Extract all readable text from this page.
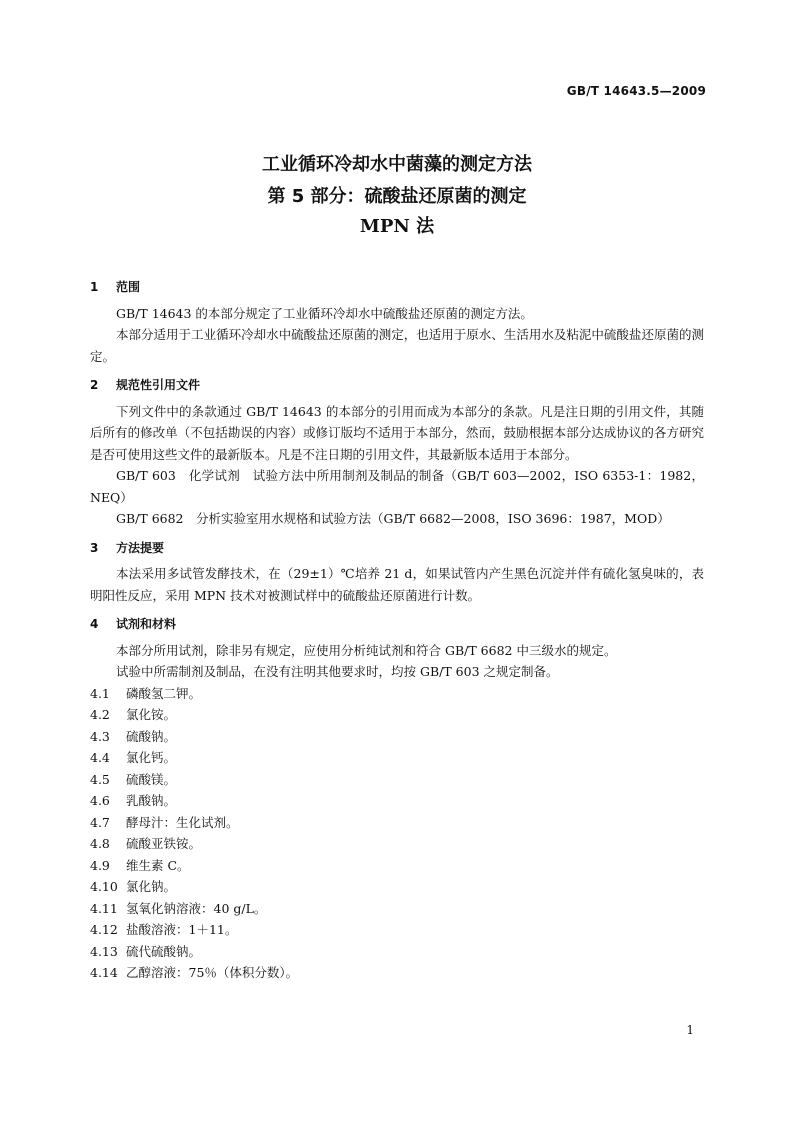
GB/T 14643.5—2009
工业循环冷却水中菌藻的测定方法
第 5 部分：硫酸盐还原菌的测定
MPN 法
1 范围

GB/T 14643 的本部分规定了工业循环冷却水中硫酸盐还原菌的测定方法。

本部分适用于工业循环冷却水中硫酸盐还原菌的测定，也适用于原水、生活用水及粘泥中硫酸盐还原菌的测定。

2 规范性引用文件

下列文件中的条款通过 GB/T 14643 的本部分的引用而成为本部分的条款。凡是注日期的引用文件，其随后所有的修改单（不包括勘误的内容）或修订版均不适用于本部分，然而，鼓励根据本部分达成协议的各方研究是否可使用这些文件的最新版本。凡是不注日期的引用文件，其最新版本适用于本部分。

GB/T 603　化学试剂　试验方法中所用制剂及制品的制备（GB/T 603—2002，ISO 6353-1：1982，NEQ）

GB/T 6682　分析实验室用水规格和试验方法（GB/T 6682—2008，ISO 3696：1987，MOD）

3 方法提要

本法采用多试管发酵技术，在（29±1）℃培养 21 d，如果试管内产生黑色沉淀并伴有硫化氢臭味的，表明阳性反应，采用 MPN 技术对被测试样中的硫酸盐还原菌进行计数。

4 试剂和材料

本部分所用试剂，除非另有规定，应使用分析纯试剂和符合 GB/T 6682 中三级水的规定。

试验中所需制剂及制品，在没有注明其他要求时，均按 GB/T 603 之规定制备。

4.1 磷酸氢二钾。

4.2 氯化铵。

4.3 硫酸钠。

4.4 氯化钙。

4.5 硫酸镁。

4.6 乳酸钠。

4.7 酵母汁：生化试剂。

4.8 硫酸亚铁铵。

4.9 维生素 C。

4.10 氯化钠。

4.11 氢氧化钠溶液：40 g/L。

4.12 盐酸溶液：1＋11。

4.13 硫代硫酸钠。

4.14 乙醇溶液：75％（体积分数）。

1
